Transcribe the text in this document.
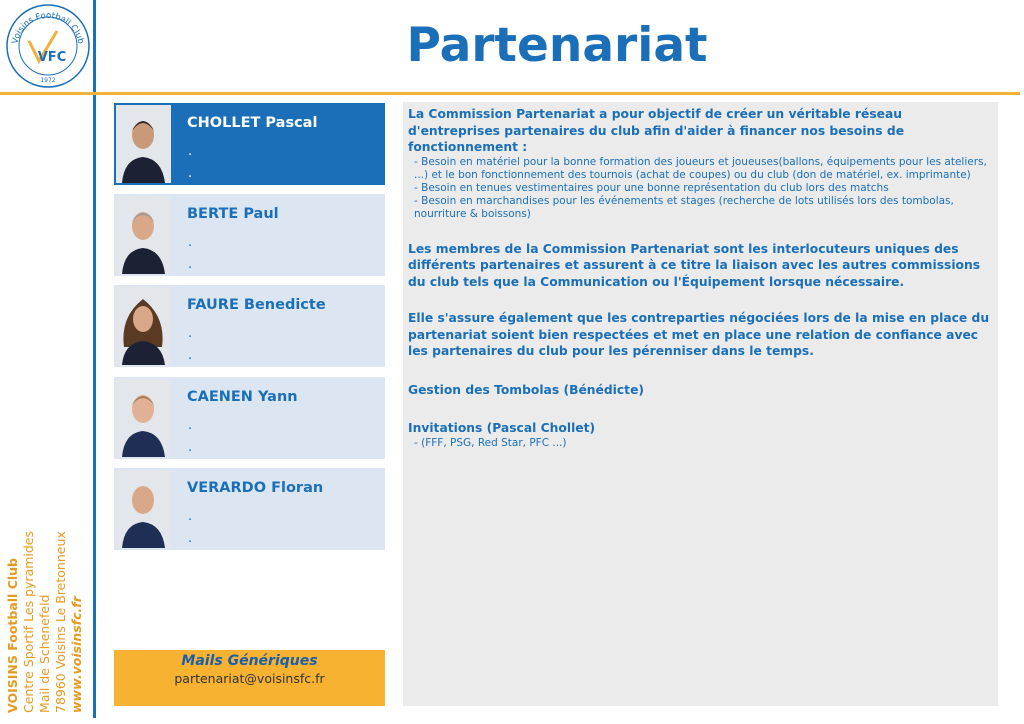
Voisins Football Club
VFC
1972
Partenariat
VOISINS Football Club Centre Sportif Les pyramides Mail de Schenefeld 78960 Voisins Le Bretonneux www.voisinsfc.fr
CHOLLET Pascal
.
.
BERTE Paul
.
.
FAURE Benedicte
.
.
CAENEN Yann
.
.
VERARDO Floran
.
.
Mails Génériques
partenariat@voisinsfc.fr

La Commission Partenariat a pour objectif de créer un véritable réseau d'entreprises partenaires du club afin d'aider à financer nos besoins de fonctionnement :

- Besoin en matériel pour la bonne formation des joueurs et joueuses(ballons, équipements pour les ateliers, ...) et le bon fonctionnement des tournois (achat de coupes) ou du club (don de matériel, ex. imprimante)

- Besoin en tenues vestimentaires pour une bonne représentation du club lors des matchs

- Besoin en marchandises pour les événements et stages (recherche de lots utilisés lors des tombolas, nourriture & boissons)

Les membres de la Commission Partenariat sont les interlocuteurs uniques des différents partenaires et assurent à ce titre la liaison avec les autres commissions du club tels que la Communication ou l'Équipement lorsque nécessaire.

Elle s'assure également que les contreparties négociées lors de la mise en place du partenariat soient bien respectées et met en place une relation de confiance avec les partenaires du club pour les pérenniser dans le temps.

Gestion des Tombolas (Bénédicte)

Invitations (Pascal Chollet)

- (FFF, PSG, Red Star, PFC ...)
